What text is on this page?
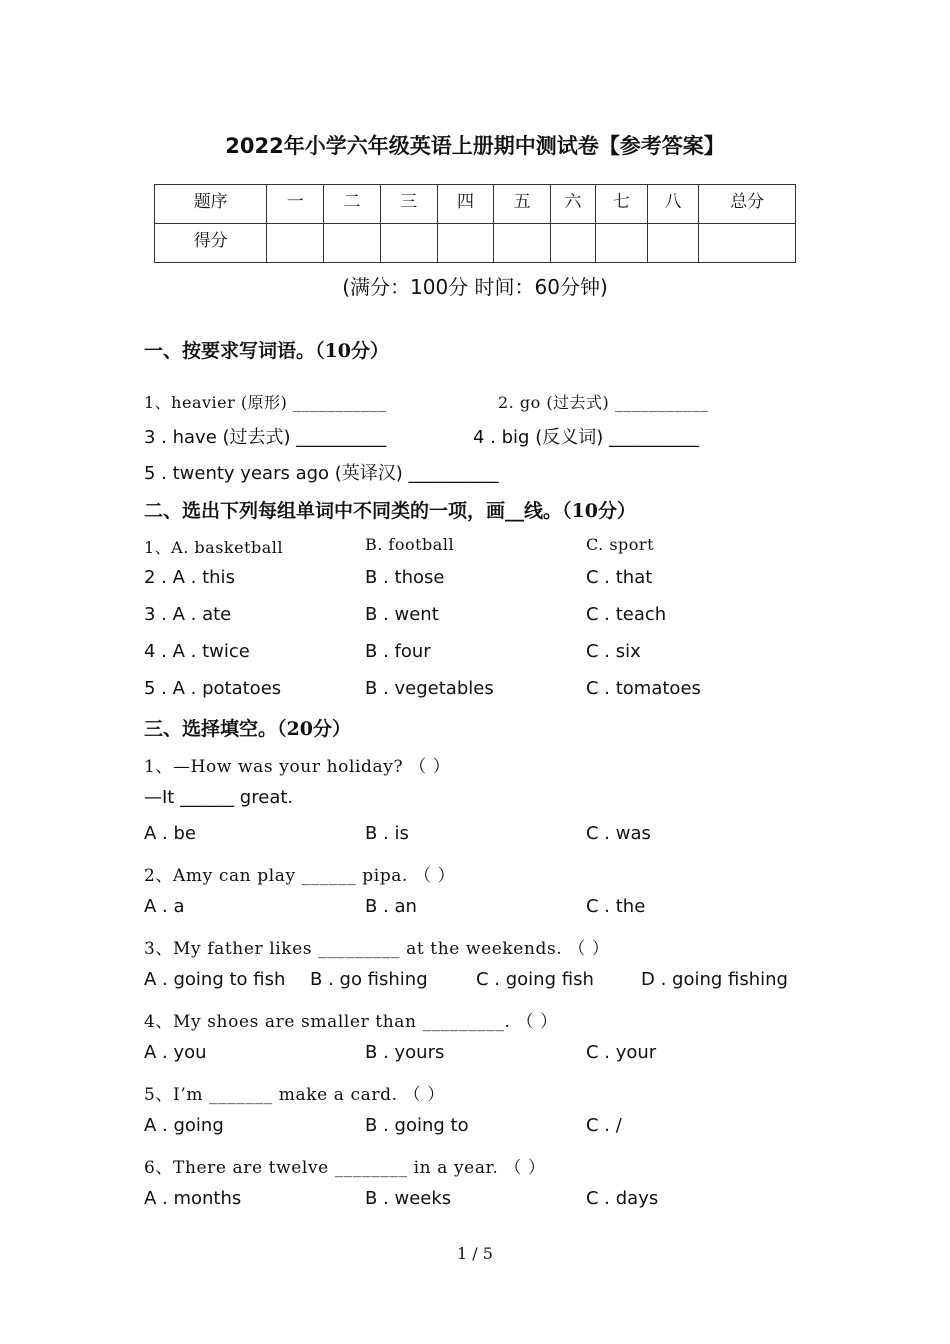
2022年小学六年级英语上册期中测试卷【参考答案】
题序	一	二	三	四	五	六	七	八	总分
得分									
(满分：100分 时间：60分钟)
一、按要求写词语。（10分）
1、heavier (原形) ___________	2. go (过去式) ___________
3 . have (过去式) __________	4 . big (反义词) __________
5 . twenty years ago (英译汉) __________
二、选出下列每组单词中不同类的一项，画__线。（10分）
1、A. basketball	B. football	C. sport
2 . A . this	B . those	C . that
3 . A . ate	B . went	C . teach
4 . A . twice	B . four	C . six
5 . A . potatoes	B . vegetables	C . tomatoes
三、选择填空。（20分）
1、—How was your holiday? （ ）
—It ______ great.
A . be	B . is	C . was
2、Amy can play ______ pipa. （ ）
A . a	B . an	C . the
3、My father likes _________ at the weekends. （ ）
A . going to fish B . go fishing	C . going fish	D . going fishing
4、My shoes are smaller than _________. （ ）
A . you	B . yours	C . your
5、I’m _______ make a card. （ ）
A . going	B . going to	C . /
6、There are twelve ________ in a year. （ ）
A . months	B . weeks	C . days
1 / 5
